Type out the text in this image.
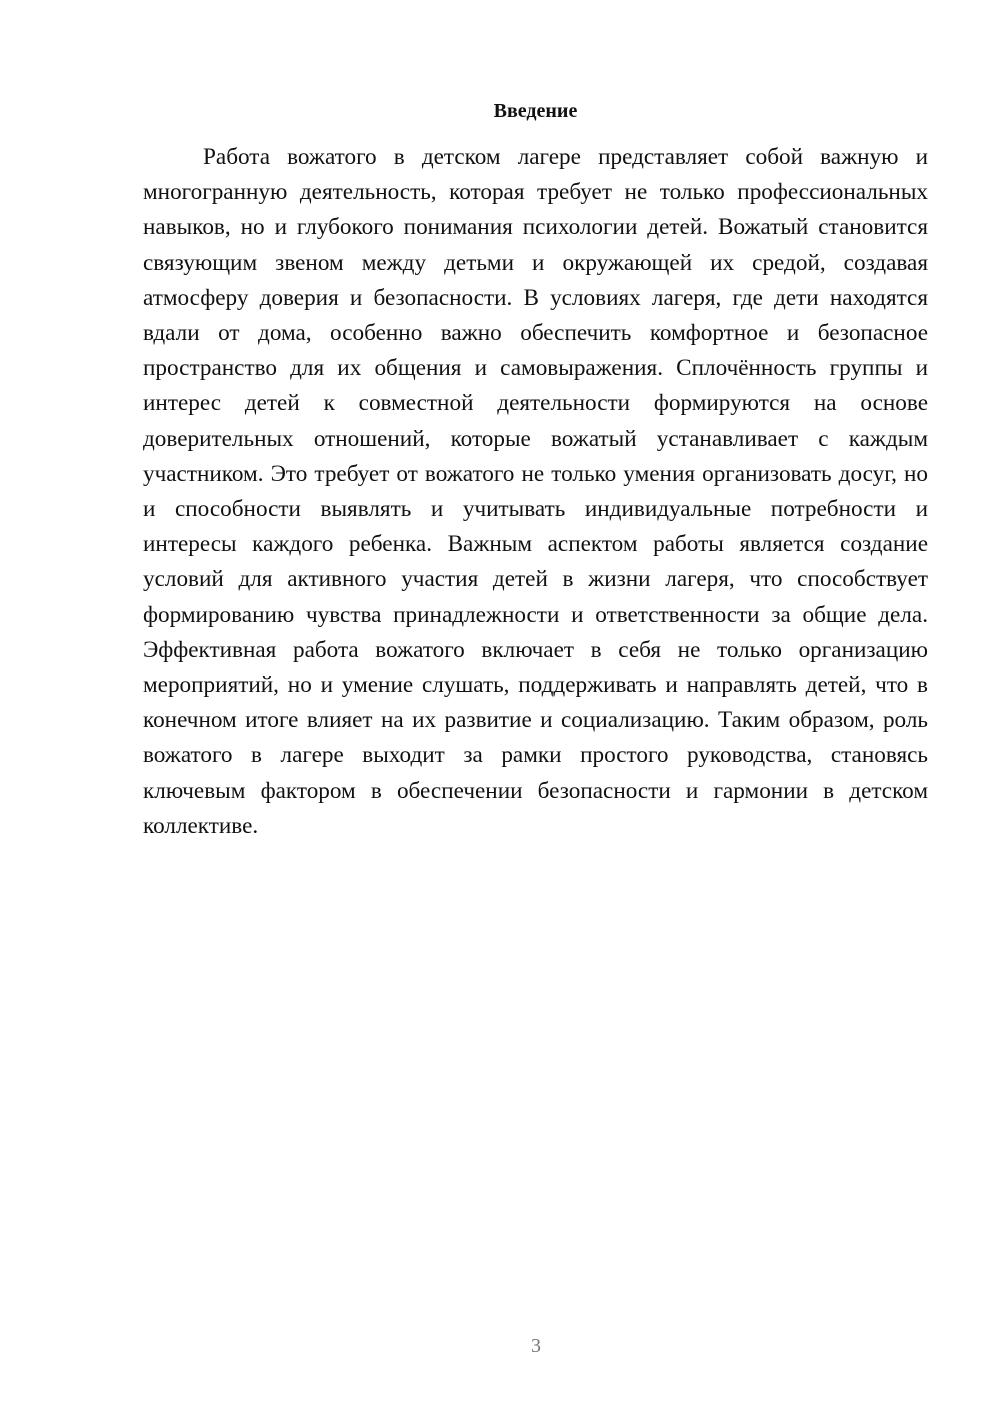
Введение

Работа вожатого в детском лагере представляет собой важную и многогранную деятельность, которая требует не только профессиональных навыков, но и глубокого понимания психологии детей. Вожатый становится связующим звеном между детьми и окружающей их средой, создавая атмосферу доверия и безопасности. В условиях лагеря, где дети находятся вдали от дома, особенно важно обеспечить комфортное и безопасное пространство для их общения и самовыражения. Сплочённость группы и интерес детей к совместной деятельности формируются на основе доверительных отношений, которые вожатый устанавливает с каждым участником. Это требует от вожатого не только умения организовать досуг, но и способности выявлять и учитывать индивидуальные потребности и интересы каждого ребенка. Важным аспектом работы является создание условий для активного участия детей в жизни лагеря, что способствует формированию чувства принадлежности и ответственности за общие дела. Эффективная работа вожатого включает в себя не только организацию мероприятий, но и умение слушать, поддерживать и направлять детей, что в конечном итоге влияет на их развитие и социализацию. Таким образом, роль вожатого в лагере выходит за рамки простого руководства, становясь ключевым фактором в обеспечении безопасности и гармонии в детском коллективе.

3
